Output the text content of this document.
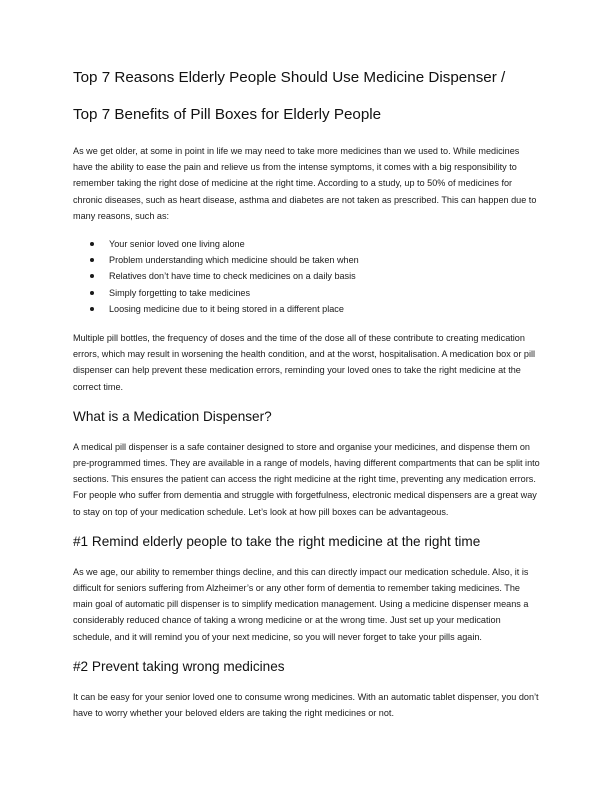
Top 7 Reasons Elderly People Should Use Medicine Dispenser /
Top 7 Benefits of Pill Boxes for Elderly People

As we get older, at some in point in life we may need to take more medicines than we used to. While medicines have the ability to ease the pain and relieve us from the intense symptoms, it comes with a big responsibility to remember taking the right dose of medicine at the right time. According to a study, up to 50% of medicines for chronic diseases, such as heart disease, asthma and diabetes are not taken as prescribed. This can happen due to many reasons, such as:

Your senior loved one living alone
Problem understanding which medicine should be taken when
Relatives don’t have time to check medicines on a daily basis
Simply forgetting to take medicines
Loosing medicine due to it being stored in a different place

Multiple pill bottles, the frequency of doses and the time of the dose all of these contribute to creating medication errors, which may result in worsening the health condition, and at the worst, hospitalisation. A medication box or pill dispenser can help prevent these medication errors, reminding your loved ones to take the right medicine at the correct time.

What is a Medication Dispenser?

A medical pill dispenser is a safe container designed to store and organise your medicines, and dispense them on pre-programmed times. They are available in a range of models, having different compartments that can be split into sections. This ensures the patient can access the right medicine at the right time, preventing any medication errors. For people who suffer from dementia and struggle with forgetfulness, electronic medical dispensers are a great way to stay on top of your medication schedule. Let’s look at how pill boxes can be advantageous.

#1 Remind elderly people to take the right medicine at the right time

As we age, our ability to remember things decline, and this can directly impact our medication schedule. Also, it is difficult for seniors suffering from Alzheimer’s or any other form of dementia to remember taking medicines. The main goal of automatic pill dispenser is to simplify medication management. Using a medicine dispenser means a considerably reduced chance of taking a wrong medicine or at the wrong time. Just set up your medication schedule, and it will remind you of your next medicine, so you will never forget to take your pills again.

#2 Prevent taking wrong medicines

It can be easy for your senior loved one to consume wrong medicines. With an automatic tablet dispenser, you don’t have to worry whether your beloved elders are taking the right medicines or not.
